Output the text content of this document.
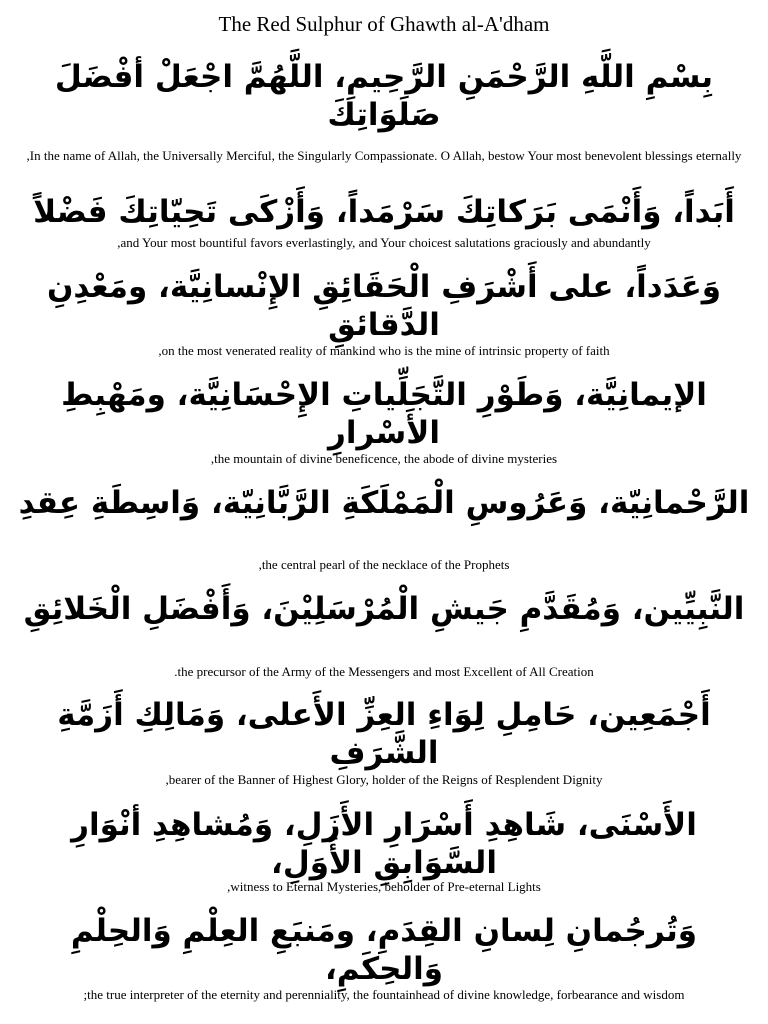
The Red Sulphur of Ghawth al-A'dham
بِسْمِ اللَّهِ الرَّحْمَنِ الرَّحِيمِ، اللَّهُمَّ اجْعَلْ أفْضَلَ صَلَوَاتِكَ
In the name of Allah, the Universally Merciful, the Singularly Compassionate. O Allah, bestow Your most benevolent blessings eternally,
أَبَداً، وَأَنْمَى بَرَكاتِكَ سَرْمَداً، وَأَزْكَى تَحِيّاتِكَ فَضْلاً
and Your most bountiful favors everlastingly, and Your choicest salutations graciously and abundantly,
وَعَدَداً، على أَشْرَفِ الْحَقَائِقِ الإِنْسانِيَّة، ومَعْدِنِ الدَّقائقِ
on the most venerated reality of mankind who is the mine of intrinsic property of faith,
الإيمانِيَّة، وَطَوْرِ التَّجَلِّياتِ الإِحْسَانِيَّة، ومَهْبِطِ الأَسْرارِ
the mountain of divine beneficence, the abode of divine mysteries,
الرَّحْمانِيّة، وَعَرُوسِ الْمَمْلَكَةِ الرَّبَّانِيّة، وَاسِطَةِ عِقدِ
the central pearl of the necklace of the Prophets,
النَّبِيِّين، وَمُقَدَّمِ جَيشِ الْمُرْسَلِيْنَ، وَأَفْضَلِ الْخَلائِقِ
the precursor of the Army of the Messengers and most Excellent of All Creation.
أَجْمَعِين، حَامِلِ لِوَاءِ العِزِّ الأَعلى، وَمَالِكِ أَزَمَّةِ الشَّرَفِ
bearer of the Banner of Highest Glory, holder of the Reigns of Resplendent Dignity,
الأَسْنَى، شَاهِدِ أَسْرَارِ الأَزَلِ، وَمُشاهِدِ أنْوَارِ السَّوَابِقِ الأُوَلِ،
witness to Eternal Mysteries, beholder of Pre-eternal Lights,
وَتُرجُمانِ لِسانِ القِدَمِ، ومَنبَعِ العِلْمِ وَالحِلْمِ وَالحِكَمِ،
the true interpreter of the eternity and perenniality, the fountainhead of divine knowledge, forbearance and wisdom;
